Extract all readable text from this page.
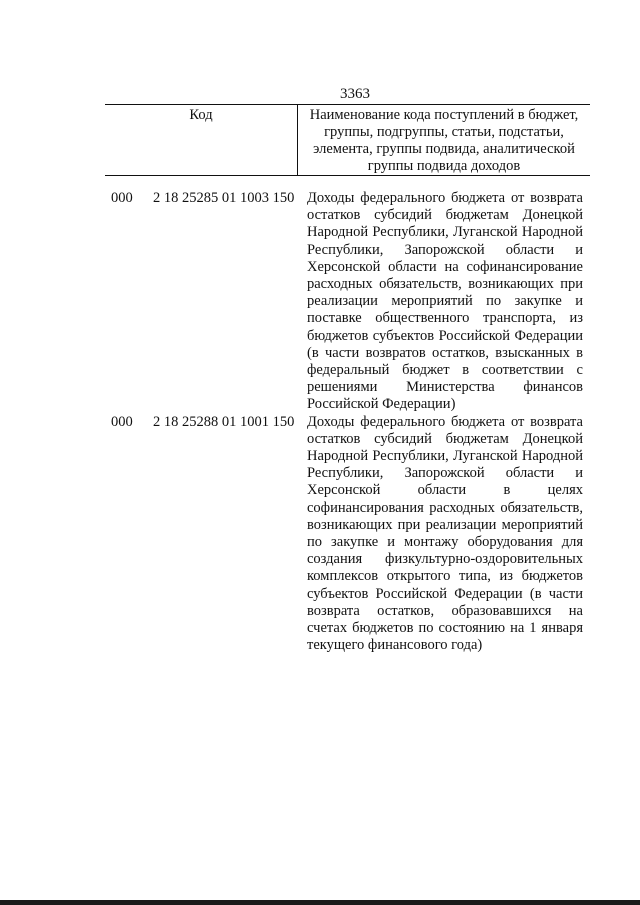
3363
Код	Наименование кода поступлений в бюджет, группы, подгруппы, статьи, подстатьи, элемента, группы подвида, аналитической группы подвида доходов
000 2 18 25285 01 1003 150 Доходы федерального бюджета от возврата остатков субсидий бюджетам Донецкой Народной Республики, Луганской Народной Республики, Запорожской области и Херсонской области на софинансирование расходных обязательств, возникающих при реализации мероприятий по закупке и поставке общественного транспорта, из бюджетов субъектов Российской Федерации (в части возвратов остатков, взысканных в федеральный бюджет в соответствии с решениями Министерства финансов Российской Федерации)
000 2 18 25288 01 1001 150 Доходы федерального бюджета от возврата остатков субсидий бюджетам Донецкой Народной Республики, Луганской Народной Республики, Запорожской области и Херсонской области в целях софинансирования расходных обязательств, возникающих при реализации мероприятий по закупке и монтажу оборудования для создания физкультурно-оздоровительных комплексов открытого типа, из бюджетов субъектов Российской Федерации (в части возврата остатков, образовавшихся на счетах бюджетов по состоянию на 1 января текущего финансового года)
